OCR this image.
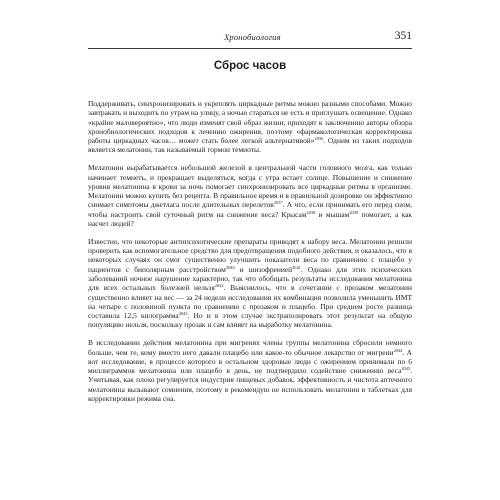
Хронобиология	351
Сброс часов

Поддерживать, синхронизировать и укреплять циркадные ритмы можно разными способами. Можно завтракать и выходить по утрам на улицу, а ночью стараться не есть и приглушать освещение. Однако «крайне маловероятно», что люди изменят свой образ жизни, приходят к заключению авторы обзора хронобиологических подходов к лечению ожирения, поэтому «фармакологическая корректировка работы циркадных часов… может стать более легкой альтернативой»$^{2036}$. Одним из таких подходов является мелатонин, так называемый гормон темноты.

Мелатонин вырабатывается небольшой железой в центральной части головного мозга, как только начинает темнеть, и прекращает выделяться, когда с утра встает солнце. Повышение и снижение уровня мелатонина в крови за ночь помогает синхронизировать все циркадные ритмы в организме. Мелатонин можно купить без рецепта. В правильное время и в правильной дозировке он эффективно снимает симптомы джетлага после длительных перелетов$^{2037}$. А что, если принимать его перед сном, чтобы настроить свой суточный ритм на снижение веса? Крысам$^{2038}$ и мышам$^{2039}$ помогает, а как насчет людей?

Известно, что некоторые антипсихотические препараты приводят к набору веса. Мелатонин решили проверить как вспомогательное средство для предотвращения подобного действия, и оказалось, что в некоторых случаях он смог существенно улучшить показатели веса по сравнению с плацебо у пациентов с биполярным расстройством$^{2040}$ и шизофренией$^{2041}$. Однако для этих психических заболеваний ночное нарушение характерно, так что обобщать результаты исследования мелатонина для всех остальных болезней нельзя$^{2042}$. Выяснилось, что в сочетании с прозаком мелатонин существенно влияет на вес — за 24 недели исследования их комбинация позволила уменьшить ИМТ на четыре с половиной пункта по сравнению с прозаком и плацебо. При среднем росте разница составила 12,5 килограмма$^{2043}$. Но и в этом случае экстраполировать этот результат на общую популяцию нельзя, поскольку прозак и сам влияет на выработку мелатонина.

В исследовании действия мелатонина при мигренях члены группы мелатонина сбросили немного больше, чем те, кому вместо него давали плацебо или какое-то обычное лекарство от мигрени$^{2044}$. А вот исследование, в процессе которого в остальном здоровые люди с ожирением принимали по 6 миллиграммов мелатонина или плацебо в день, не подтвердило содействие снижению веса$^{2045}$. Учитывая, как плохо регулируется индустрия пищевых добавок, эффективность и чистота аптечного мелатонина вызывают сомнения, поэтому я рекомендую не использовать мелатонин в таблетках для корректировки режима сна.
